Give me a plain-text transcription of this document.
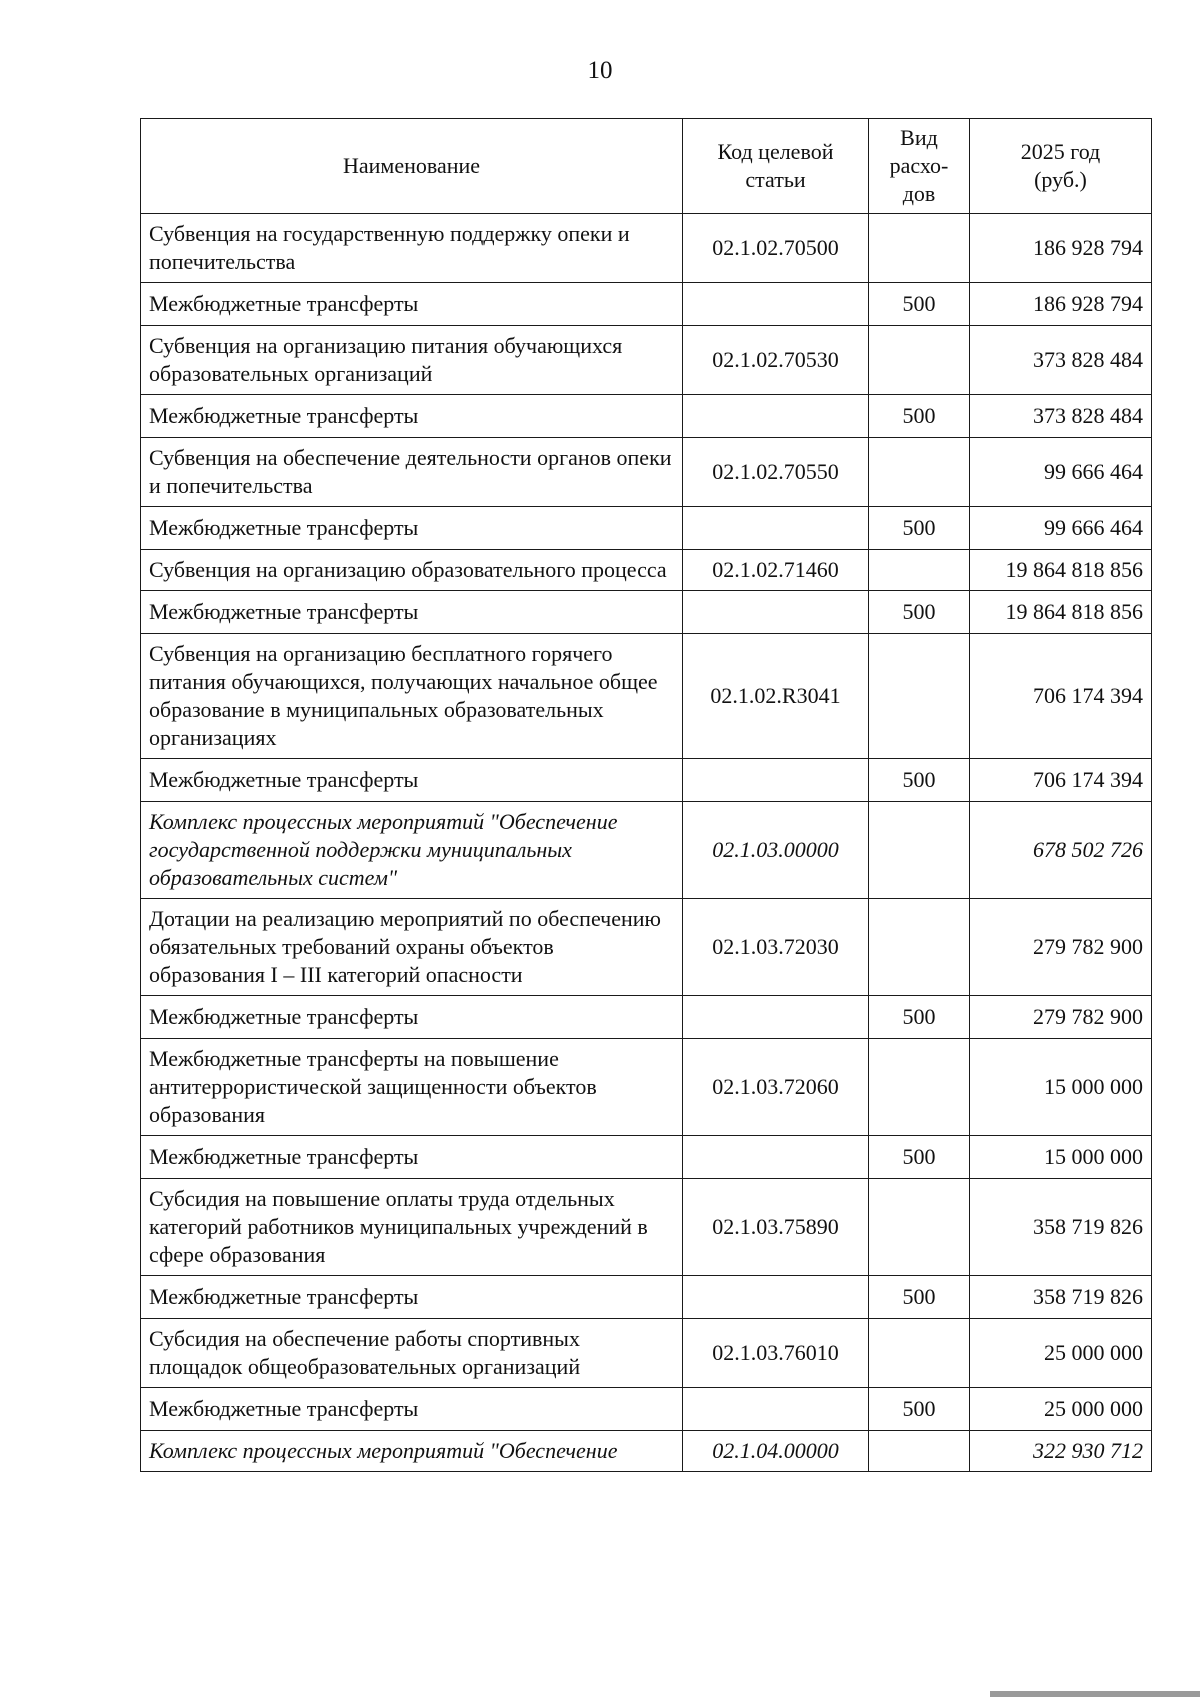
10
Наименование	Код целевой статьи	Вид расхо-дов	2025 год (руб.)
Субвенция на государственную поддержку опеки и попечительства	02.1.02.70500		186 928 794
Межбюджетные трансферты		500	186 928 794
Субвенция на организацию питания обучающихся образовательных организаций	02.1.02.70530		373 828 484
Межбюджетные трансферты		500	373 828 484
Субвенция на обеспечение деятельности органов опеки и попечительства	02.1.02.70550		99 666 464
Межбюджетные трансферты		500	99 666 464
Субвенция на организацию образовательного процесса	02.1.02.71460		19 864 818 856
Межбюджетные трансферты		500	19 864 818 856
Субвенция на организацию бесплатного горячего питания обучающихся, получающих начальное общее образование в муниципальных образовательных организациях	02.1.02.R3041		706 174 394
Межбюджетные трансферты		500	706 174 394
Комплекс процессных мероприятий "Обеспечение государственной поддержки муниципальных образовательных систем"	02.1.03.00000		678 502 726
Дотации на реализацию мероприятий по обеспечению обязательных требований охраны объектов образования I – III категорий опасности	02.1.03.72030		279 782 900
Межбюджетные трансферты		500	279 782 900
Межбюджетные трансферты на повышение антитеррористической защищенности объектов образования	02.1.03.72060		15 000 000
Межбюджетные трансферты		500	15 000 000
Субсидия на повышение оплаты труда отдельных категорий работников муниципальных учреждений в сфере образования	02.1.03.75890		358 719 826
Межбюджетные трансферты		500	358 719 826
Субсидия на обеспечение работы спортивных площадок общеобразовательных организаций	02.1.03.76010		25 000 000
Межбюджетные трансферты		500	25 000 000
Комплекс процессных мероприятий "Обеспечение	02.1.04.00000		322 930 712
